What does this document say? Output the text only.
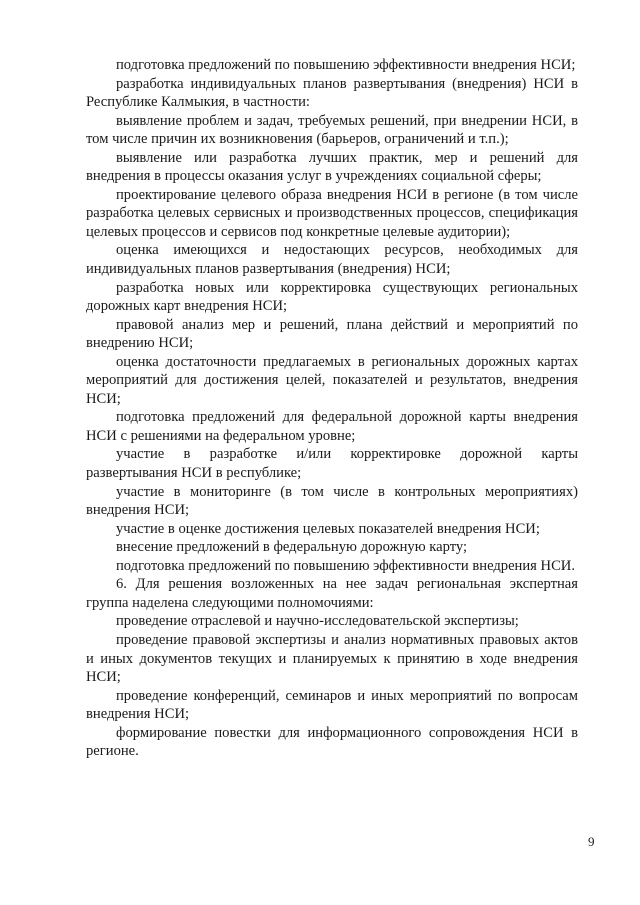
подготовка предложений по повышению эффективности внедрения НСИ;

разработка индивидуальных планов развертывания (внедрения) НСИ в Республике Калмыкия, в частности:

выявление проблем и задач, требуемых решений, при внедрении НСИ, в том числе причин их возникновения (барьеров, ограничений и т.п.);

выявление или разработка лучших практик, мер и решений для внедрения в процессы оказания услуг в учреждениях социальной сферы;

проектирование целевого образа внедрения НСИ в регионе (в том числе разработка целевых сервисных и производственных процессов, спецификация целевых процессов и сервисов под конкретные целевые аудитории);

оценка имеющихся и недостающих ресурсов, необходимых для индивидуальных планов развертывания (внедрения) НСИ;

разработка новых или корректировка существующих региональных дорожных карт внедрения НСИ;

правовой анализ мер и решений, плана действий и мероприятий по внедрению НСИ;

оценка достаточности предлагаемых в региональных дорожных картах мероприятий для достижения целей, показателей и результатов, внедрения НСИ;

подготовка предложений для федеральной дорожной карты внедрения НСИ с решениями на федеральном уровне;

участие в разработке и/или корректировке дорожной карты развертывания НСИ в республике;

участие в мониторинге (в том числе в контрольных мероприятиях) внедрения НСИ;

участие в оценке достижения целевых показателей внедрения НСИ;

внесение предложений в федеральную дорожную карту;

подготовка предложений по повышению эффективности внедрения НСИ.

6. Для решения возложенных на нее задач региональная экспертная группа наделена следующими полномочиями:

проведение отраслевой и научно-исследовательской экспертизы;

проведение правовой экспертизы и анализ нормативных правовых актов и иных документов текущих и планируемых к принятию в ходе внедрения НСИ;

проведение конференций, семинаров и иных мероприятий по вопросам внедрения НСИ;

формирование повестки для информационного сопровождения НСИ в регионе.

9
